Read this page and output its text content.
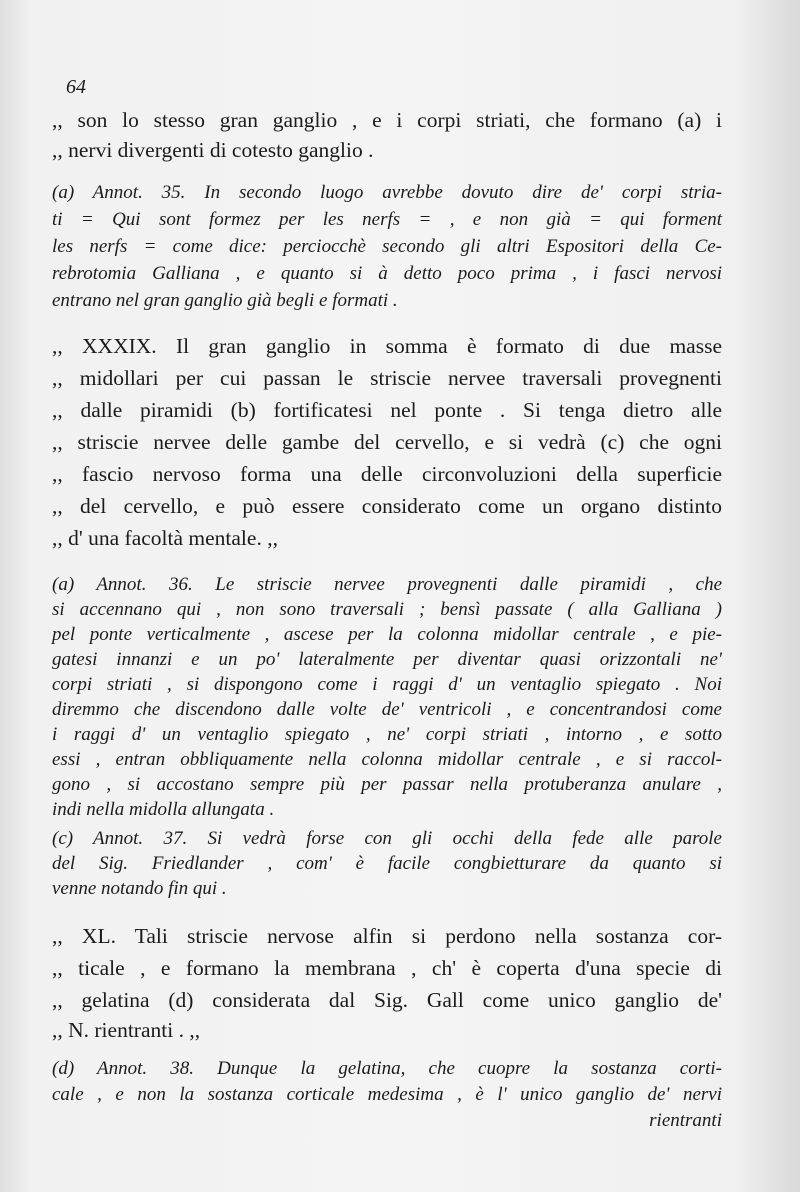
64
,, son lo stesso gran ganglio , e i corpi striati, che formano (a) i
,, nervi divergenti di cotesto ganglio .
(a) Annot. 35. In secondo luogo avrebbe dovuto dire de' corpi stria-
ti = Qui sont formez per les nerfs = , e non già = qui forment
les nerfs = come dice: perciocchè secondo gli altri Espositori della Ce-
rebrotomia Galliana , e quanto si à detto poco prima , i fasci nervosi
entrano nel gran ganglio già begli e formati .
,, XXXIX. Il gran ganglio in somma è formato di due masse
,, midollari per cui passan le striscie nervee traversali provegnenti
,, dalle piramidi (b) fortificatesi nel ponte . Si tenga dietro alle
,, striscie nervee delle gambe del cervello, e si vedrà (c) che ogni
,, fascio nervoso forma una delle circonvoluzioni della superficie
,, del cervello, e può essere considerato come un organo distinto
,, d' una facoltà mentale. ,,
(a) Annot. 36. Le striscie nervee provegnenti dalle piramidi , che
si accennano qui , non sono traversali ; bensì passate ( alla Galliana )
pel ponte verticalmente , ascese per la colonna midollar centrale , e pie-
gatesi innanzi e un po' lateralmente per diventar quasi orizzontali ne'
corpi striati , si dispongono come i raggi d' un ventaglio spiegato . Noi
diremmo che discendono dalle volte de' ventricoli , e concentrandosi come
i raggi d' un ventaglio spiegato , ne' corpi striati , intorno , e sotto
essi , entran obbliquamente nella colonna midollar centrale , e si raccol-
gono , si accostano sempre più per passar nella protuberanza anulare ,
indi nella midolla allungata .
(c) Annot. 37. Si vedrà forse con gli occhi della fede alle parole
del Sig. Friedlander , com' è facile congbietturare da quanto si
venne notando fin qui .
,, XL. Tali striscie nervose alfin si perdono nella sostanza cor-
,, ticale , e formano la membrana , ch' è coperta d'una specie di
,, gelatina (d) considerata dal Sig. Gall come unico ganglio de'
,, N. rientranti . ,,
(d) Annot. 38. Dunque la gelatina, che cuopre la sostanza corti-
cale , e non la sostanza corticale medesima , è l' unico ganglio de' nervi
rientranti
